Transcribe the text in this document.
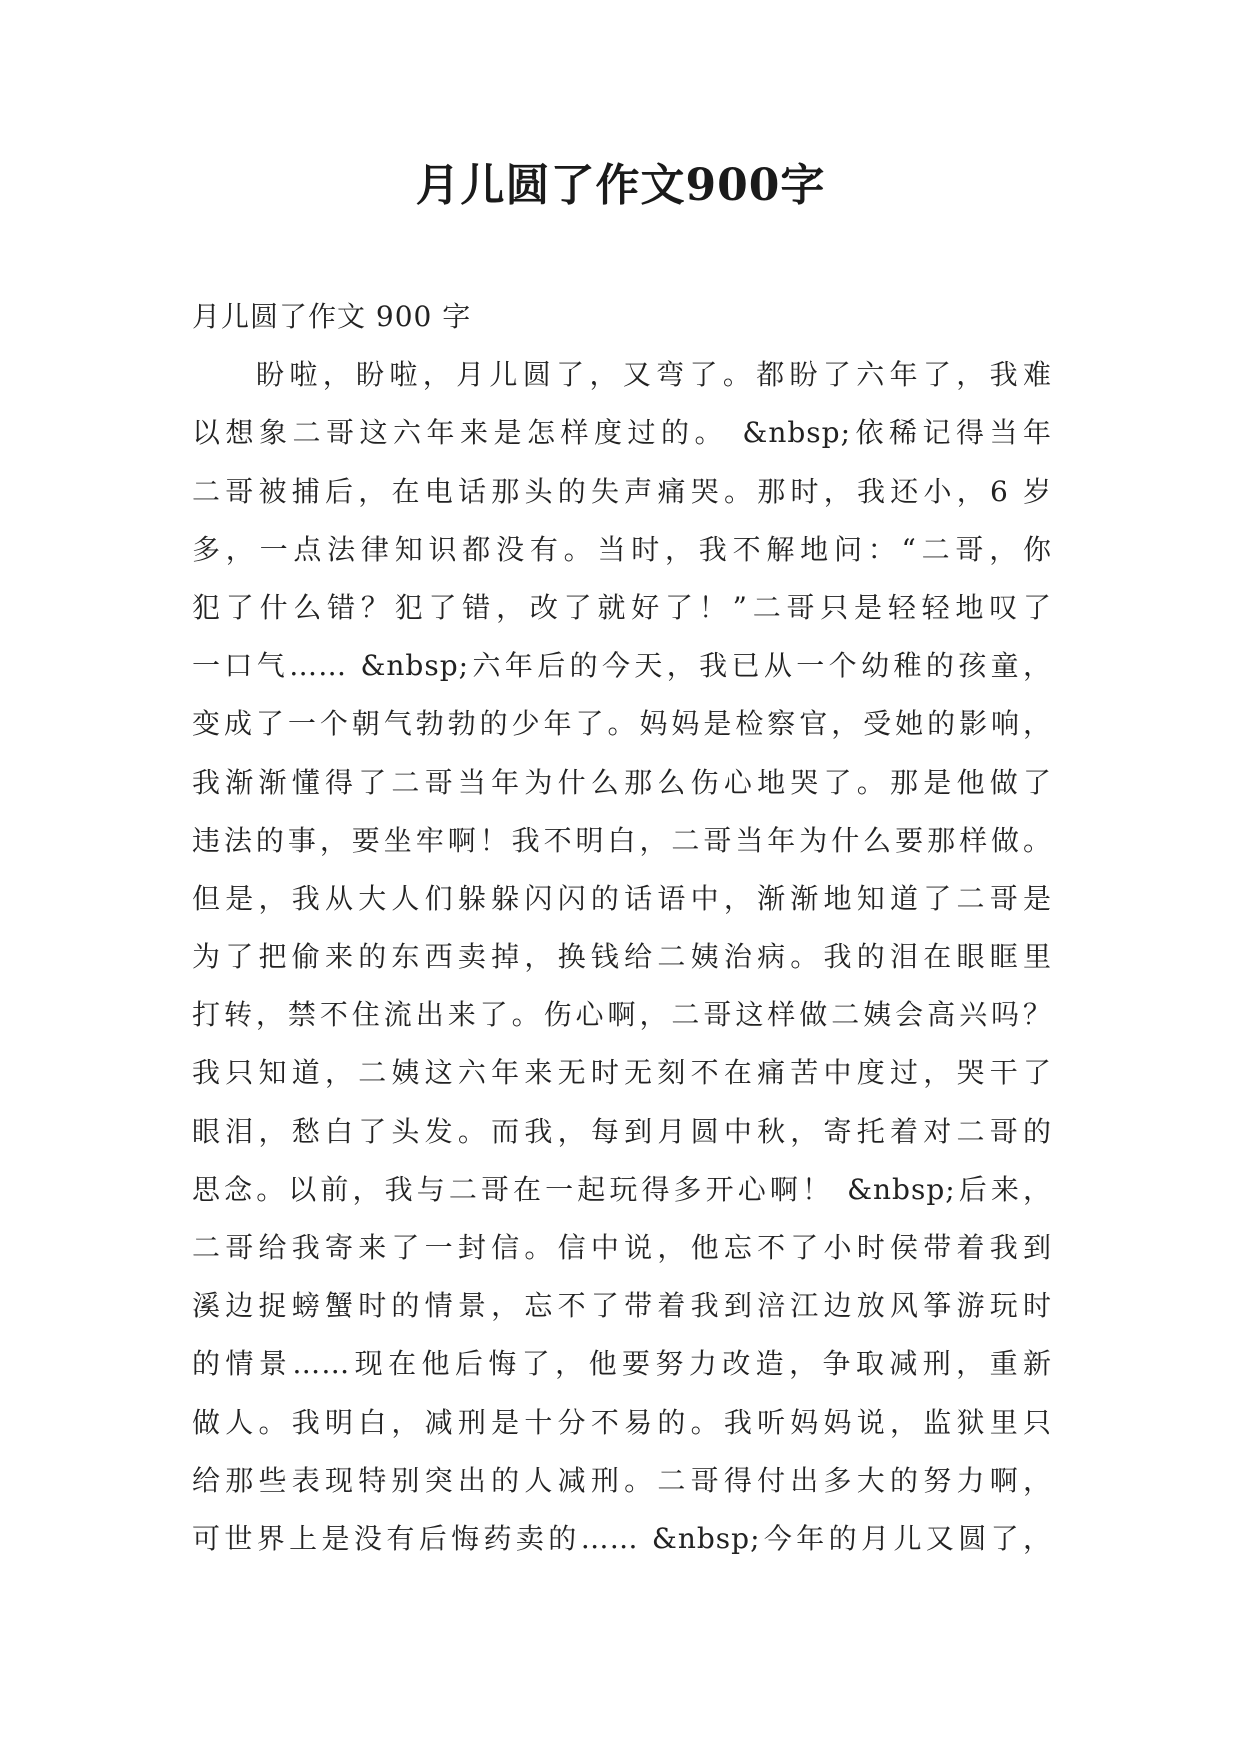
月儿圆了作文900字
月儿圆了作文 900 字
盼啦，盼啦，月儿圆了，又弯了。都盼了六年了，我难
以想象二哥这六年来是怎样度过的。 &nbsp;依稀记得当年
二哥被捕后，在电话那头的失声痛哭。那时，我还小，6 岁
多，一点法律知识都没有。当时，我不解地问：“二哥，你
犯了什么错？犯了错，改了就好了！”二哥只是轻轻地叹了
一口气…… &nbsp;六年后的今天，我已从一个幼稚的孩童，
变成了一个朝气勃勃的少年了。妈妈是检察官，受她的影响，
我渐渐懂得了二哥当年为什么那么伤心地哭了。那是他做了
违法的事，要坐牢啊！我不明白，二哥当年为什么要那样做。
但是，我从大人们躲躲闪闪的话语中，渐渐地知道了二哥是
为了把偷来的东西卖掉，换钱给二姨治病。我的泪在眼眶里
打转，禁不住流出来了。伤心啊，二哥这样做二姨会高兴吗？
我只知道，二姨这六年来无时无刻不在痛苦中度过，哭干了
眼泪，愁白了头发。而我，每到月圆中秋，寄托着对二哥的
思念。以前，我与二哥在一起玩得多开心啊！ &nbsp;后来，
二哥给我寄来了一封信。信中说，他忘不了小时侯带着我到
溪边捉螃蟹时的情景，忘不了带着我到涪江边放风筝游玩时
的情景……现在他后悔了，他要努力改造，争取减刑，重新
做人。我明白，减刑是十分不易的。我听妈妈说，监狱里只
给那些表现特别突出的人减刑。二哥得付出多大的努力啊，
可世界上是没有后悔药卖的…… &nbsp;今年的月儿又圆了，
